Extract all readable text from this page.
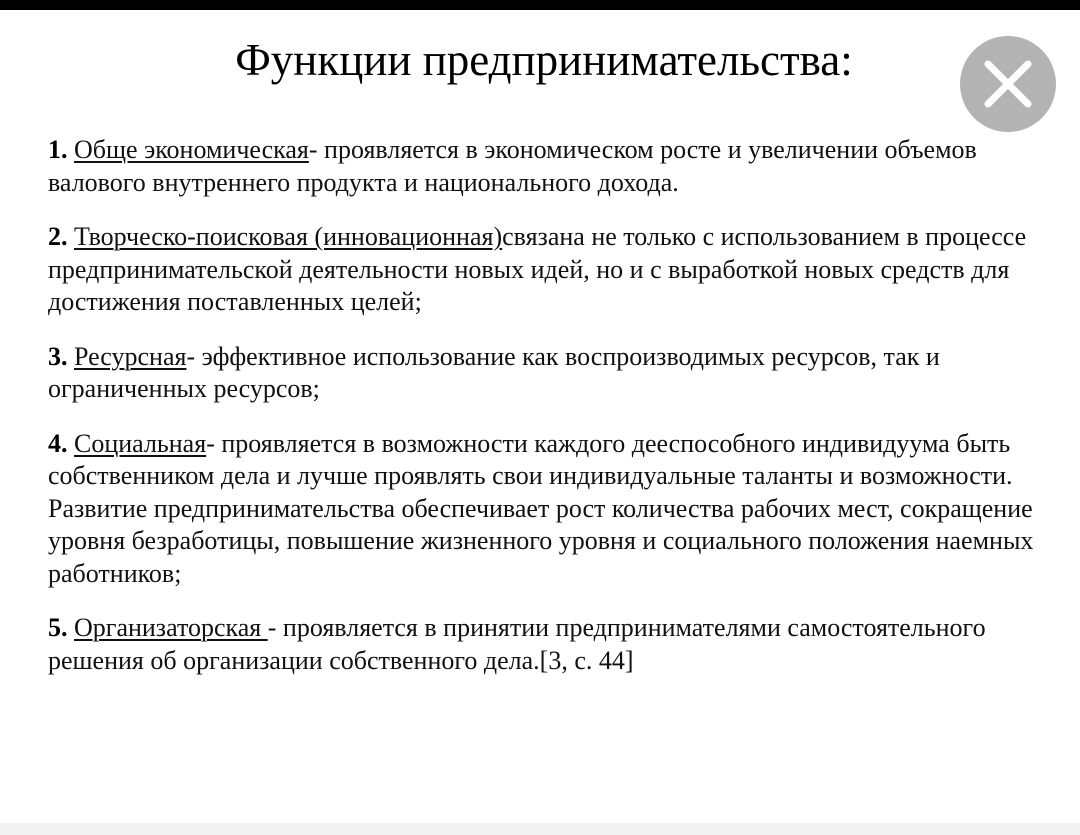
Функции предпринимательства:

1. Обще экономическая- проявляется в экономическом росте и увеличении объемов валового внутреннего продукта и национального дохода.

2. Творческо-поисковая (инновационная)связана не только с использованием в процессе предпринимательской деятельности новых идей, но и с выработкой новых средств для достижения поставленных целей;

3. Ресурсная- эффективное использование как воспроизводимых ресурсов, так и ограниченных ресурсов;

4. Социальная- проявляется в возможности каждого дееспособного индивидуума быть собственником дела и лучше проявлять свои индивидуальные таланты и возможности. Развитие предпринимательства обеспечивает рост количества рабочих мест, сокращение уровня безработицы, повышение жизненного уровня и социального положения наемных работников;

5. Организаторская - проявляется в принятии предпринимателями самостоятельного решения об организации собственного дела.[3, с. 44]
